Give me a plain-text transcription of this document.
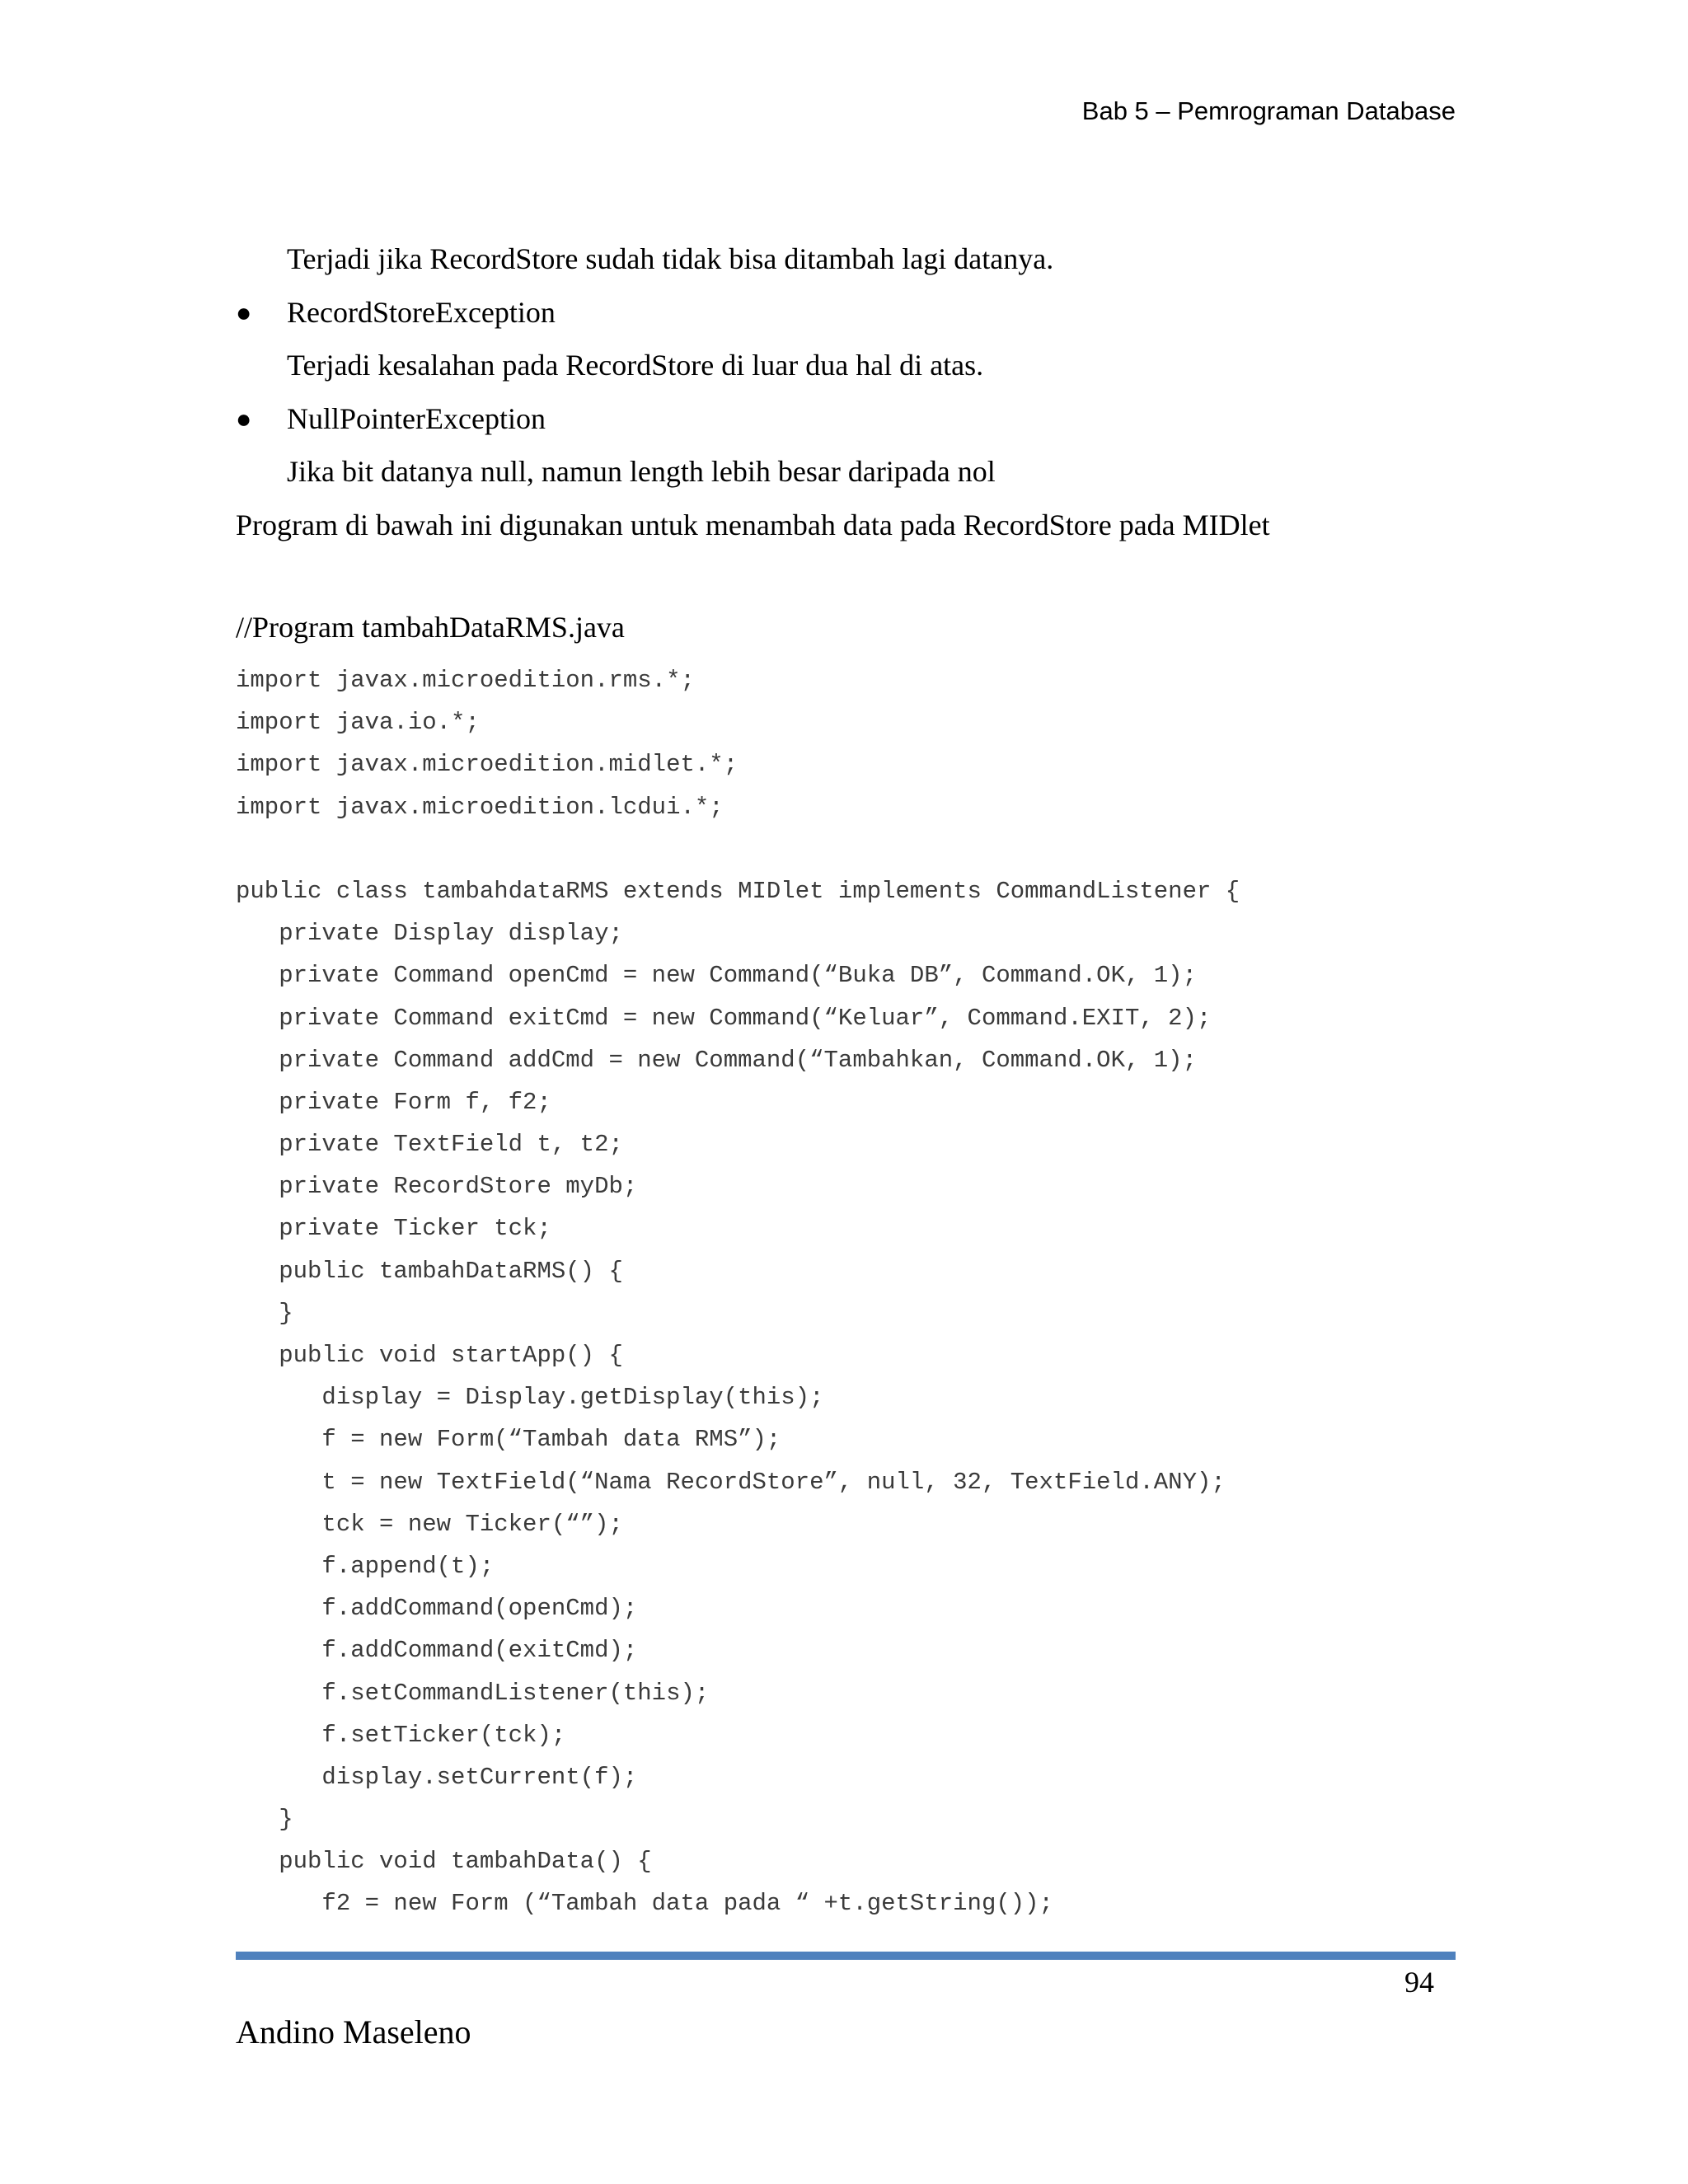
Bab 5 – Pemrograman Database
Terjadi jika RecordStore sudah tidak bisa ditambah lagi datanya.
● RecordStoreException
Terjadi kesalahan pada RecordStore di luar dua hal di atas.
● NullPointerException
Jika bit datanya null, namun length lebih besar daripada nol
Program di bawah ini digunakan untuk menambah data pada RecordStore pada MIDlet
//Program tambahDataRMS.java
import javax.microedition.rms.*;
import java.io.*;
import javax.microedition.midlet.*;
import javax.microedition.lcdui.*;
public class tambahdataRMS extends MIDlet implements CommandListener {
private Display display;
private Command openCmd = new Command(“Buka DB”, Command.OK, 1);
private Command exitCmd = new Command(“Keluar”, Command.EXIT, 2);
private Command addCmd = new Command(“Tambahkan, Command.OK, 1);
private Form f, f2;
private TextField t, t2;
private RecordStore myDb;
private Ticker tck;
public tambahDataRMS() {
}
public void startApp() {
display = Display.getDisplay(this);
f = new Form(“Tambah data RMS”);
t = new TextField(“Nama RecordStore”, null, 32, TextField.ANY);
tck = new Ticker(“”);
f.append(t);
f.addCommand(openCmd);
f.addCommand(exitCmd);
f.setCommandListener(this);
f.setTicker(tck);
display.setCurrent(f);
}
public void tambahData() {
f2 = new Form (“Tambah data pada “ +t.getString());
94
Andino Maseleno
